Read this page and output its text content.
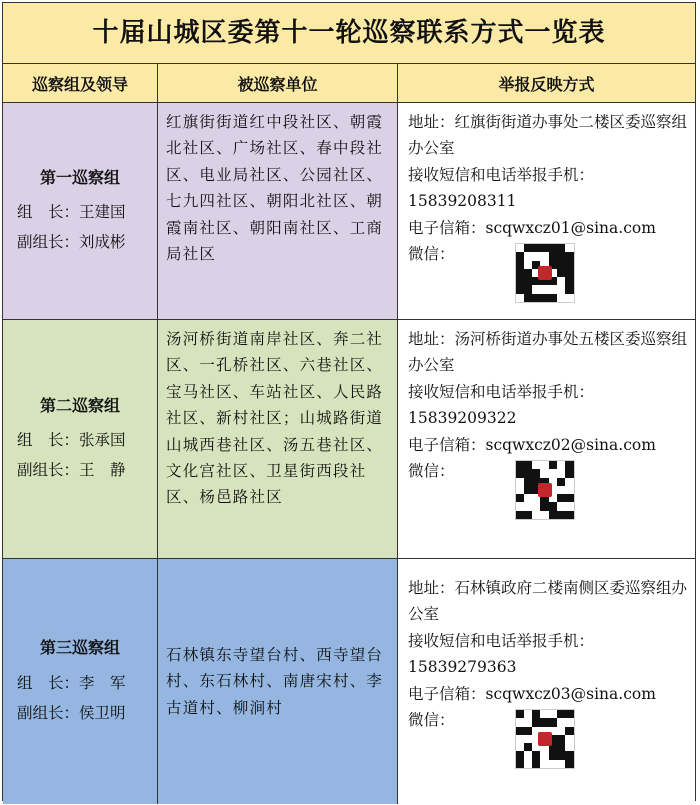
十届山城区委第十一轮巡察联系方式一览表
巡察组及领导	被巡察单位	举报反映方式
第一巡察组
组　长：王建国
副组长：刘成彬
红旗街街道红中段社区、朝霞北社区、广场社区、春中段社区、电业局社区、公园社区、七九四社区、朝阳北社区、朝霞南社区、朝阳南社区、工商局社区
地址：红旗街街道办事处二楼区委巡察组办公室
接收短信和电话举报手机：
15839208311
电子信箱：scqwxcz01@sina.com
微信：
第二巡察组
组　长：张承国
副组长：王　静
汤河桥街道南岸社区、奔二社区、一孔桥社区、六巷社区、宝马社区、车站社区、人民路社区、新村社区；山城路街道山城西巷社区、汤五巷社区、文化宫社区、卫星街西段社区、杨邑路社区
地址：汤河桥街道办事处五楼区委巡察组办公室
接收短信和电话举报手机：
15839209322
电子信箱：scqwxcz02@sina.com
微信：
第三巡察组
组　长：李　军
副组长：侯卫明
石林镇东寺望台村、西寺望台村、东石林村、南唐宋村、李古道村、柳涧村
地址：石林镇政府二楼南侧区委巡察组办公室
接收短信和电话举报手机：
15839279363
电子信箱：scqwxcz03@sina.com
微信：
